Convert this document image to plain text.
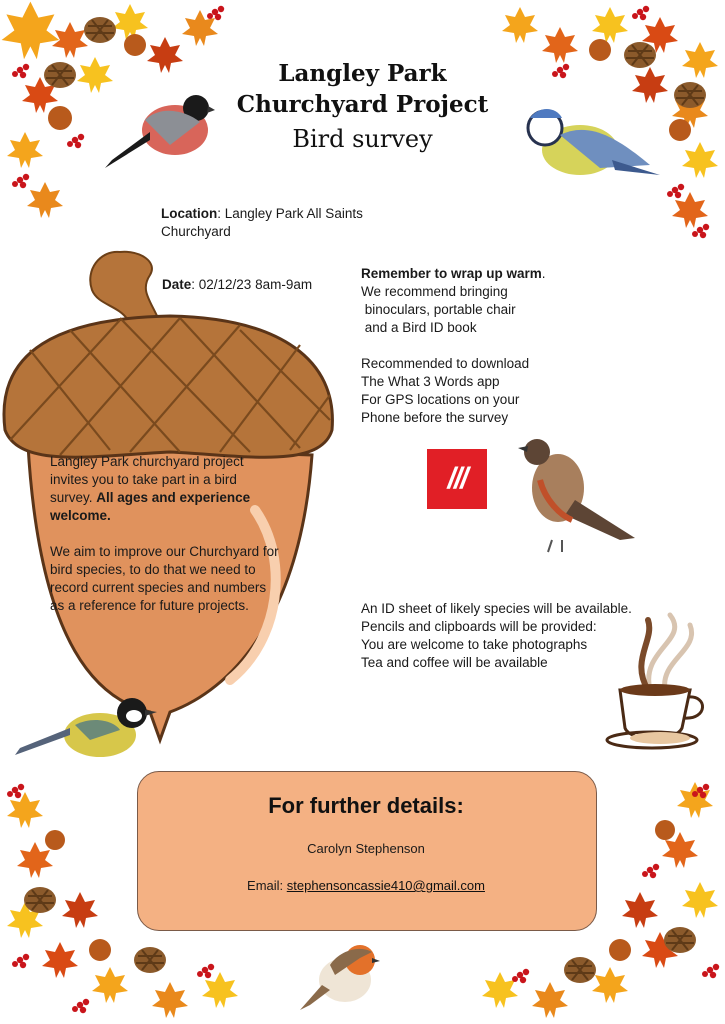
Langley Park
Churchyard Project
Bird survey
Location: Langley Park All Saints
Churchyard
Date: 02/12/23 8am-9am
Remember to wrap up warm.
We recommend bringing
binoculars, portable chair
and a Bird ID book
Recommended to download
The What 3 Words app
For GPS locations on your
Phone before the survey
///

Langley Park churchyard project invites you to take part in a bird survey. All ages and experience welcome.

We aim to improve our Churchyard for bird species, to do that we need to record current species and numbers as a reference for future projects.	An ID sheet of likely species will be available.
Pencils and clipboards will be provided:
You are welcome to take photographs
Tea and coffee will be available
For further details:
Carolyn Stephenson
Email: stephensoncassie410@gmail.com
